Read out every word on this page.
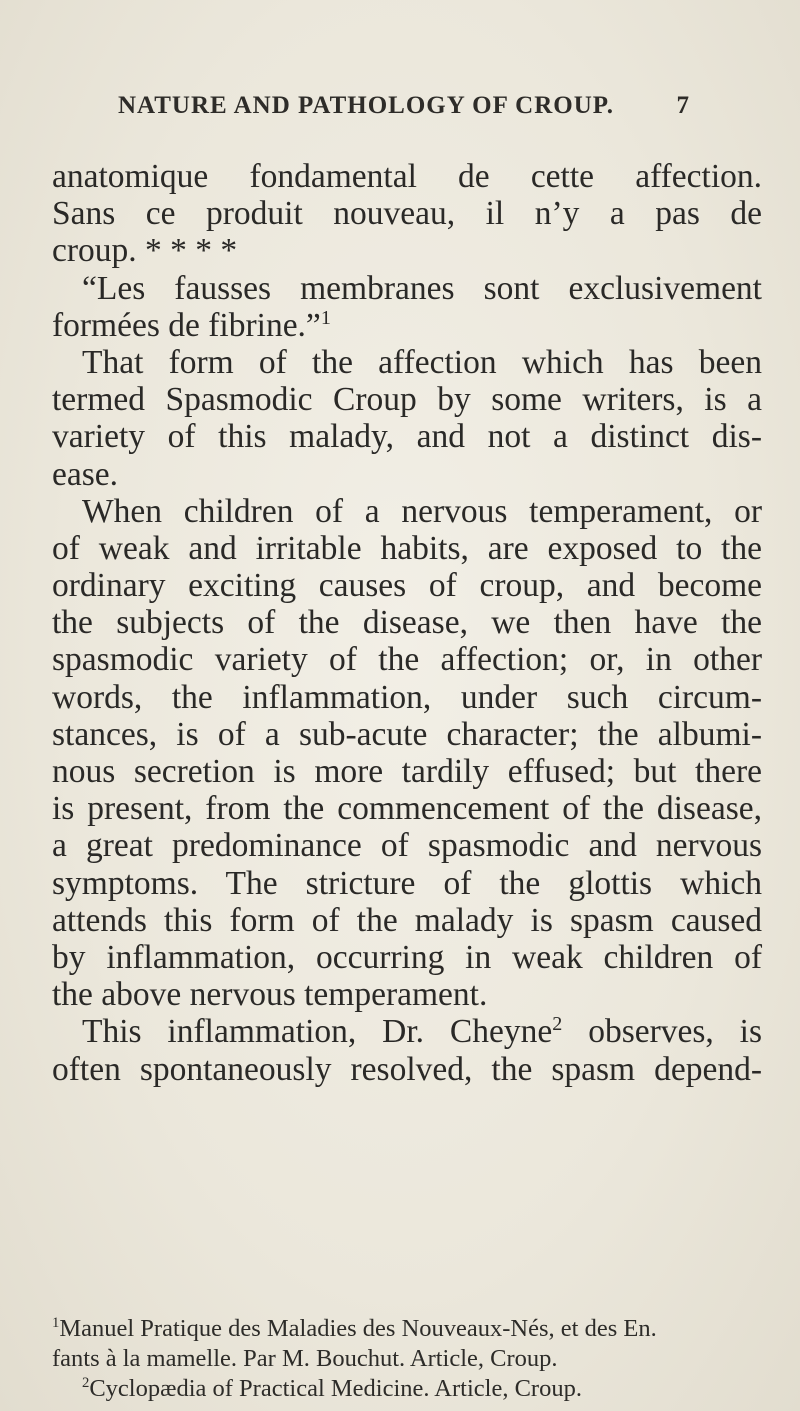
NATURE AND PATHOLOGY OF CROUP.	7
anatomique fondamental de cette affection.
Sans ce produit nouveau, il n’y a pas de
croup. * * * *
“Les fausses membranes sont exclusivement
formées de fibrine.”$^1$
That form of the affection which has been
termed Spasmodic Croup by some writers, is a
variety of this malady, and not a distinct dis-
ease.
When children of a nervous temperament, or
of weak and irritable habits, are exposed to the
ordinary exciting causes of croup, and become
the subjects of the disease, we then have the
spasmodic variety of the affection; or, in other
words, the inflammation, under such circum-
stances, is of a sub-acute character; the albumi-
nous secretion is more tardily effused; but there
is present, from the commencement of the disease,
a great predominance of spasmodic and nervous
symptoms. The stricture of the glottis which
attends this form of the malady is spasm caused
by inflammation, occurring in weak children of
the above nervous temperament.
This inflammation, Dr. Cheyne$^2$ observes, is
often spontaneously resolved, the spasm depend-
$^1$Manuel Pratique des Maladies des Nouveaux-Nés, et des En.
fants à la mamelle. Par M. Bouchut. Article, Croup.
$^2$Cyclopædia of Practical Medicine. Article, Croup.
